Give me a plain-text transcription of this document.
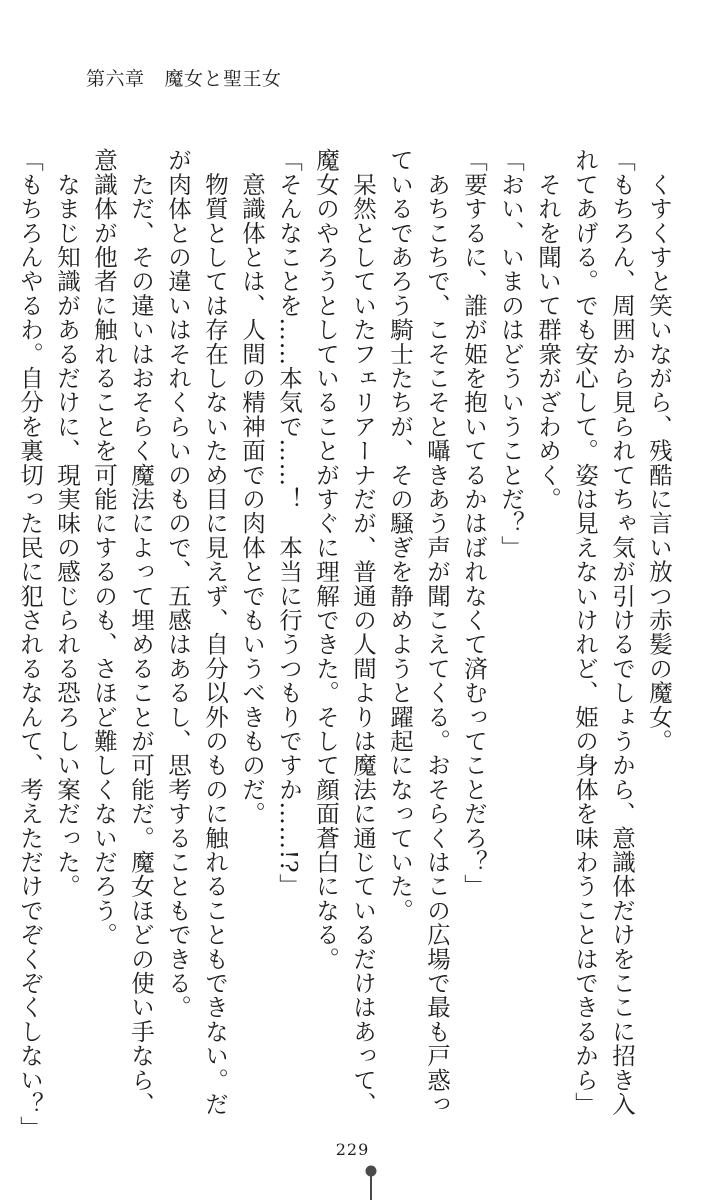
第六章 魔女と聖王女
　くすくすと笑いながら、残酷に言い放つ赤髪の魔女。
「もちろん、周囲から見られてちゃ気が引けるでしょうから、意識体だけをここに招き入
れてあげる。でも安心して。姿は見えないけれど、姫の身体を味わうことはできるから」
　それを聞いて群衆がざわめく。
「おい、いまのはどういうことだ？」
「要するに、誰が姫を抱いてるかはばれなくて済むってことだろ？」
　あちこちで、こそこそと囁きあう声が聞こえてくる。おそらくはこの広場で最も戸惑っ
ているであろう騎士たちが、その騒ぎを静めようと躍起になっていた。
　呆然としていたフェリアーナだが、普通の人間よりは魔法に通じているだけはあって、
魔女のやろうとしていることがすぐに理解できた。そして顔面蒼白になる。
「そんなことを……本気で……！　本当に行うつもりですか……!?」
　意識体とは、人間の精神面での肉体とでもいうべきものだ。
　物質としては存在しないため目に見えず、自分以外のものに触れることもできない。だ
が肉体との違いはそれくらいのもので、五感はあるし、思考することもできる。
　ただ、その違いはおそらく魔法によって埋めることが可能だ。魔女ほどの使い手なら、
意識体が他者に触れることを可能にするのも、さほど難しくないだろう。
　なまじ知識があるだけに、現実味の感じられる恐ろしい案だった。
「もちろんやるわ。自分を裏切った民に犯されるなんて、考えただけでぞくぞくしない？」
229
